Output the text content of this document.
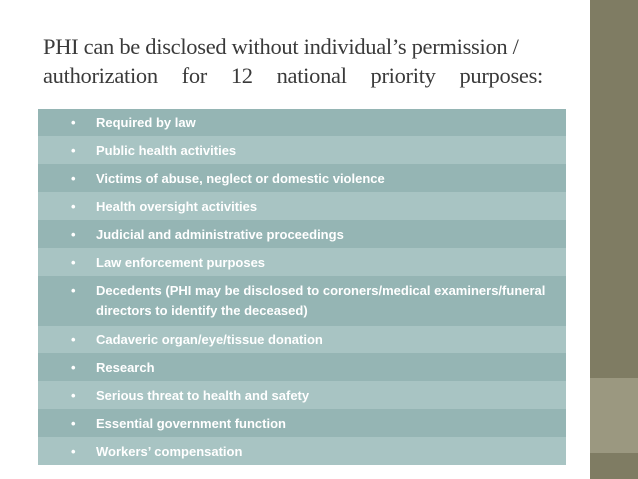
PHI can be disclosed without individual’s permission /
authorization for 12 national priority purposes:
• Required by law
• Public health activities
• Victims of abuse, neglect or domestic violence
• Health oversight activities
• Judicial and administrative proceedings
• Law enforcement purposes
• Decedents (PHI may be disclosed to coroners/medical examiners/funeral directors to identify the deceased)
• Cadaveric organ/eye/tissue donation
• Research
• Serious threat to health and safety
• Essential government function
• Workers’ compensation
